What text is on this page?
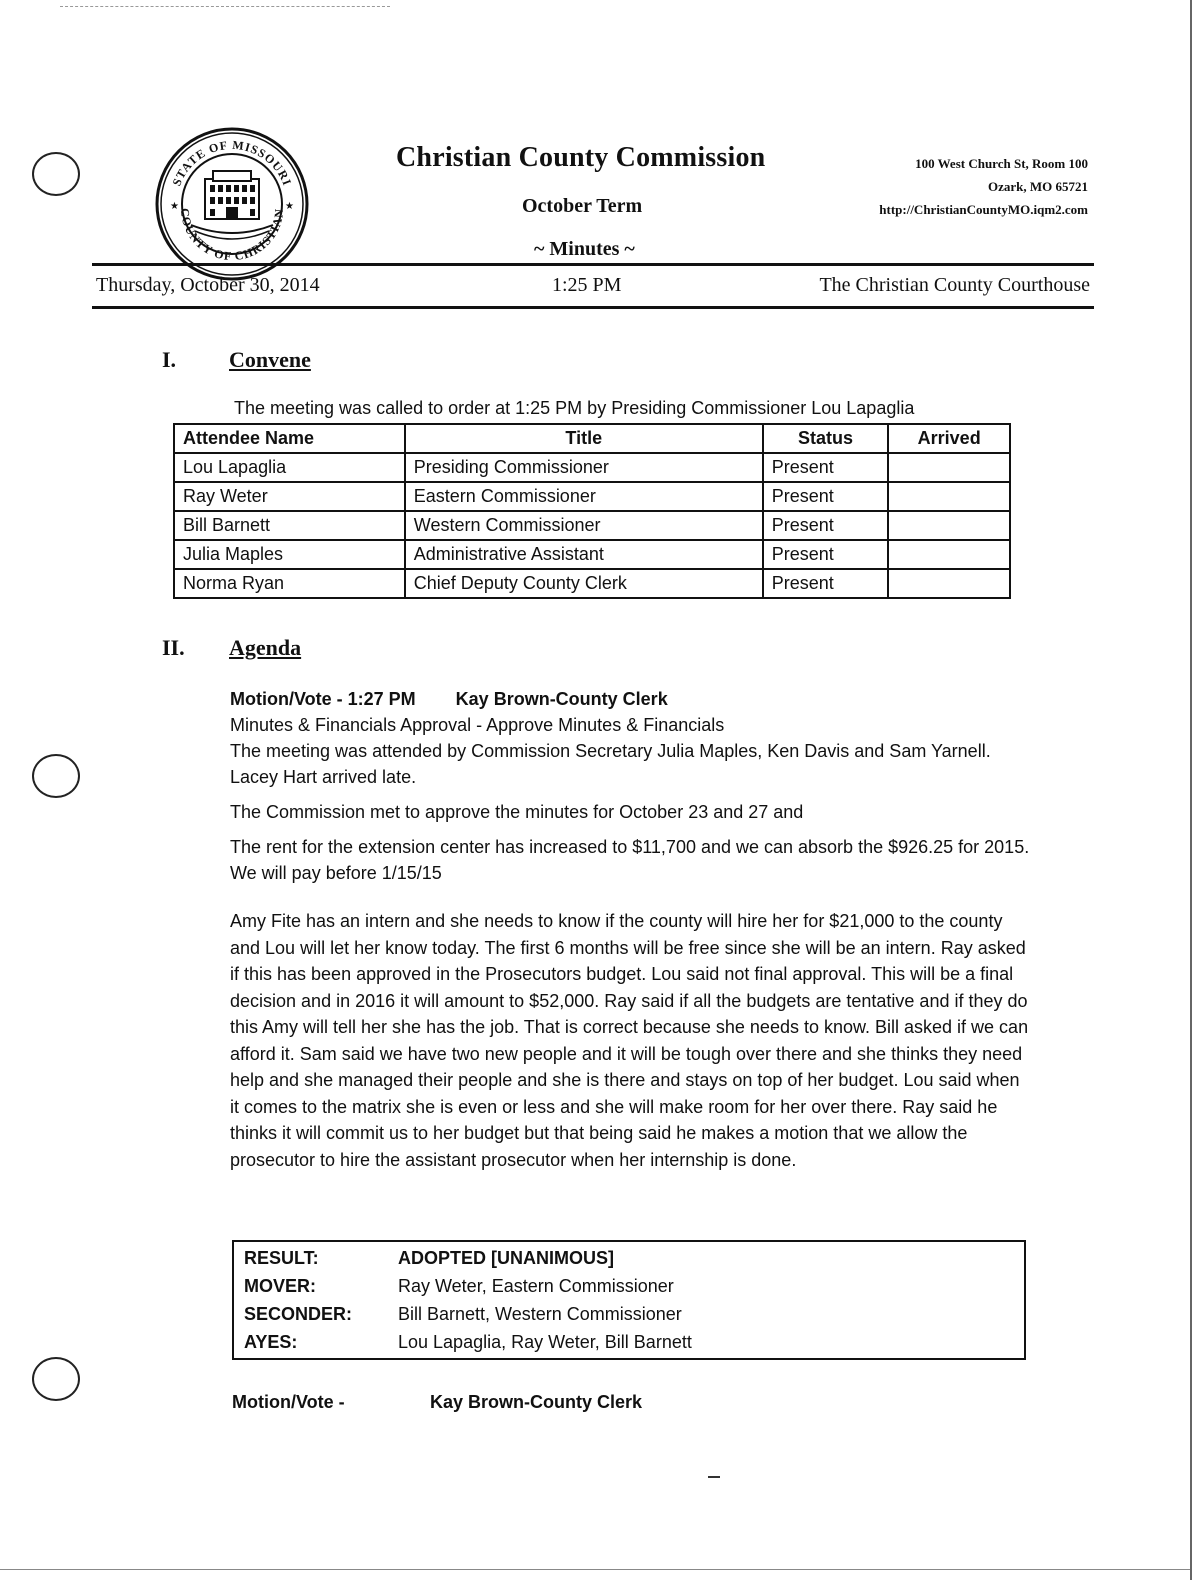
STATE OF MISSOURI
COUNTY OF CHRISTIAN
★	★
Christian County Commission
October Term
~ Minutes ~
100 West Church St, Room 100
Ozark, MO 65721
http://ChristianCountyMO.iqm2.com
Thursday, October 30, 2014	1:25 PM	The Christian County Courthouse
I. Convene
The meeting was called to order at 1:25 PM by Presiding Commissioner Lou Lapaglia
Attendee Name	Title	Status	Arrived
Lou Lapaglia	Presiding Commissioner	Present	
Ray Weter	Eastern Commissioner	Present	
Bill Barnett	Western Commissioner	Present	
Julia Maples	Administrative Assistant	Present	
Norma Ryan	Chief Deputy County Clerk	Present	
II. Agenda

Motion/Vote - 1:27 PM Kay Brown-County Clerk

Minutes & Financials Approval - Approve Minutes & Financials

The meeting was attended by Commission Secretary Julia Maples, Ken Davis and Sam Yarnell. Lacey Hart arrived late.

The Commission met to approve the minutes for October 23 and 27 and

The rent for the extension center has increased to $11,700 and we can absorb the $926.25 for 2015. We will pay before 1/15/15

Amy Fite has an intern and she needs to know if the county will hire her for $21,000 to the county and Lou will let her know today. The first 6 months will be free since she will be an intern. Ray asked if this has been approved in the Prosecutors budget. Lou said not final approval. This will be a final decision and in 2016 it will amount to $52,000. Ray said if all the budgets are tentative and if they do this Amy will tell her she has the job. That is correct because she needs to know. Bill asked if we can afford it. Sam said we have two new people and it will be tough over there and she thinks they need help and she managed their people and she is there and stays on top of her budget. Lou said when it comes to the matrix she is even or less and she will make room for her over there. Ray said he thinks it will commit us to her budget but that being said he makes a motion that we allow the prosecutor to hire the assistant prosecutor when her internship is done.
RESULT:	ADOPTED [UNANIMOUS]
MOVER:	Ray Weter, Eastern Commissioner
SECONDER:	Bill Barnett, Western Commissioner
AYES:	Lou Lapaglia, Ray Weter, Bill Barnett
Motion/Vote -	Kay Brown-County Clerk
